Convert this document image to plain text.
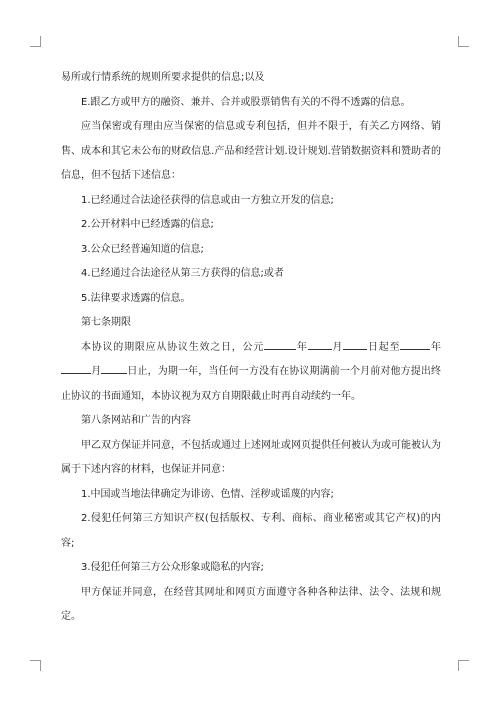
易所或行情系统的规则所要求提供的信息;以及

E.跟乙方或甲方的融资、兼并、合并或股票销售有关的不得不透露的信息。

应当保密或有理由应当保密的信息或专利包括，但并不限于，有关乙方网络、销售、成本和其它未公布的财政信息.产品和经营计划.设计规划.营销数据资料和赞助者的信息，但不包括下述信息：

1.已经通过合法途径获得的信息或由一方独立开发的信息;

2.公开材料中已经透露的信息;

3.公众已经普遍知道的信息;

4.已经通过合法途径从第三方获得的信息;或者

5.法律要求透露的信息。

第七条期限

本协议的期限应从协议生效之日，公元	年 月 日起至	年月	日止，为期一年，当任何一方没有在协议期满前一个月前对他方提出终止协议的书面通知，本协议视为双方自期限截止时再自动续约一年。

第八条网站和广告的内容

甲乙双方保证并同意，不包括或通过上述网址或网页提供任何被认为或可能被认为属于下述内容的材料，也保证并同意：

1.中国或当地法律确定为诽谤、色情、淫秽或谣蔑的内容;

2.侵犯任何第三方知识产权(包括版权、专利、商标、商业秘密或其它产权)的内容;

3.侵犯任何第三方公众形象或隐私的内容;

甲方保证并同意，在经营其网址和网页方面遵守各种各种法律、法令、法规和规定。
